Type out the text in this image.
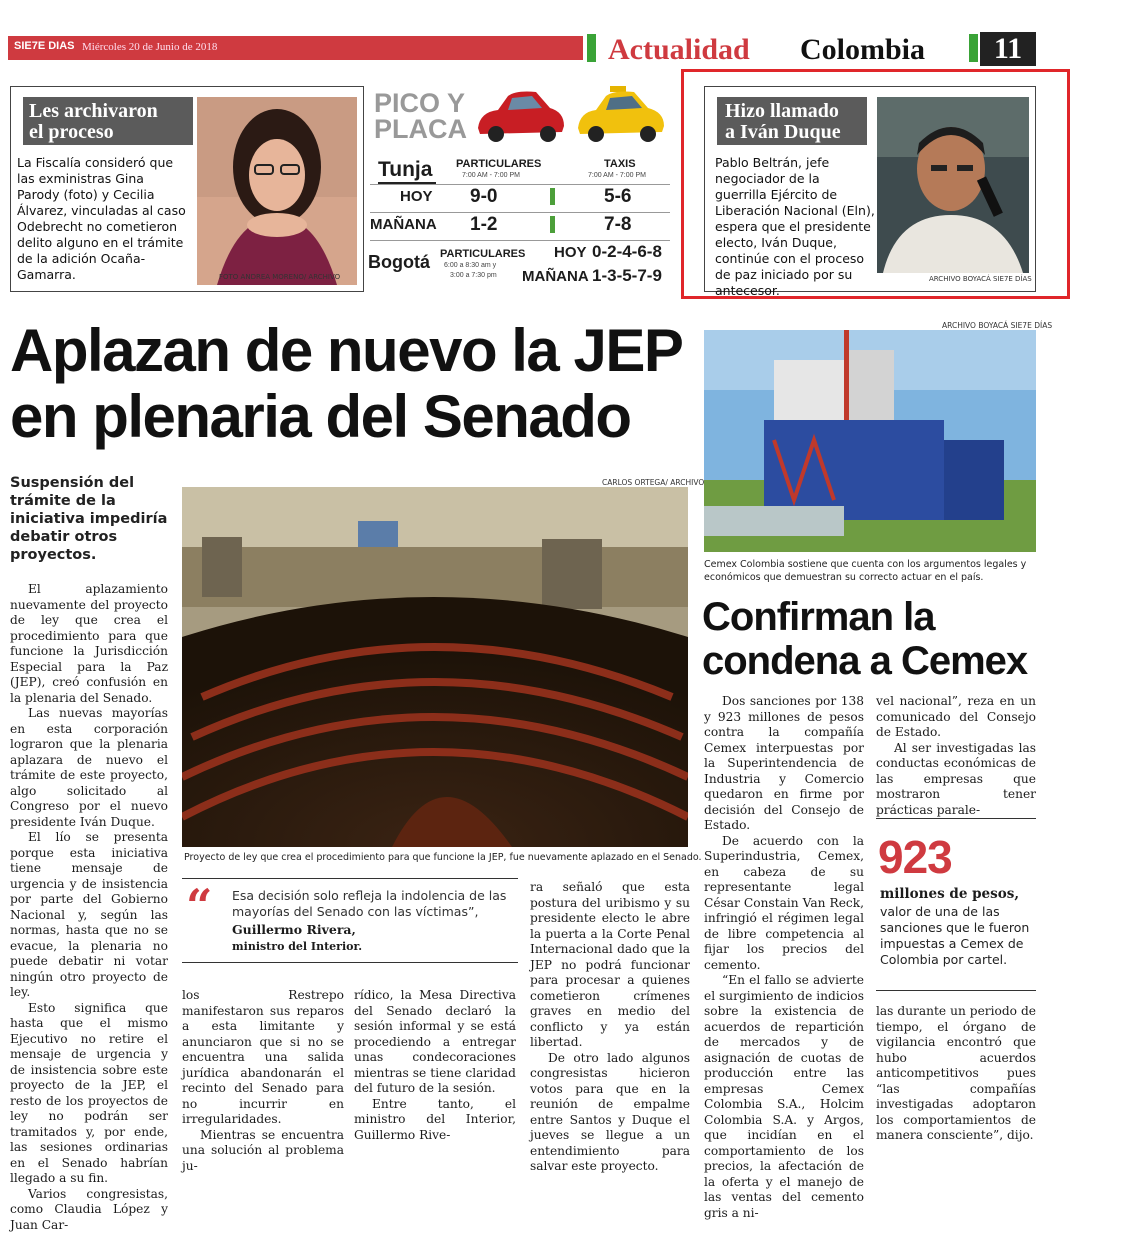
SIE7E DIAS Miércoles 20 de Junio de 2018	Actualidad Colombia	11
Les archivaron
el proceso
La Fiscalía consideró que las exministras Gina Parody (foto) y Cecilia Álvarez, vinculadas al caso Odebrecht no cometieron delito alguno en el trámite de la adición Ocaña-Gamarra.	FOTO ANDREA MORENO/ ARCHIVO
PICO Y
PLACA
Tunja	PARTICULARES
7:00 AM - 7:00 PM
TAXIS
7:00 AM - 7:00 PM
HOY 9-0	5-6
MAÑANA 1-2	7-8
Bogotá PARTICULARES
6:00 a 8:30 am y
3:00 a 7:30 pm
HOY 0-2-4-6-8
MAÑANA 1-3-5-7-9
Hizo llamado
a Iván Duque
Pablo Beltrán, jefe negociador de la guerrilla Ejército de Liberación Nacional (Eln), espera que el presidente electo, Iván Duque, continúe con el proceso de paz iniciado por su antecesor.
ARCHIVO BOYACÁ SIE7E DÍAS
Aplazan de nuevo la JEP
en plenaria del Senado
Suspensión del trámite de la iniciativa impediría debatir otros proyectos.
CARLOS ORTEGA/ ARCHIVO
Proyecto de ley que crea el procedimiento para que funcione la JEP, fue nuevamente aplazado en el Senado.

El aplazamiento nuevamente del proyecto de ley que crea el procedimiento para que funcione la Jurisdicción Especial para la Paz (JEP), creó confusión en la plenaria del Senado.

Las nuevas mayorías en esta corporación lograron que la plenaria aplazara de nuevo el trámite de este proyecto, algo solicitado al Congreso por el nuevo presidente Iván Duque.

El lío se presenta porque esta iniciativa tiene mensaje de urgencia y de insistencia por parte del Gobierno Nacional y, según las normas, hasta que no se evacue, la plenaria no puede debatir ni votar ningún otro proyecto de ley.

Esto significa que hasta que el mismo Ejecutivo no retire el mensaje de urgencia y de insistencia sobre este proyecto de la JEP, el resto de los proyectos de ley no podrán ser tramitados y, por ende, las sesiones ordinarias en el Senado habrían llegado a su fin.

Varios congresistas, como Claudia López y Juan Car-

“ Esa decisión solo refleja la indolencia de las mayorías del Senado con las víctimas”,
Guillermo Rivera,
ministro del Interior.

los Restrepo manifestaron sus reparos a esta limitante y anunciaron que si no se encuentra una salida jurídica abandonarán el recinto del Senado para no incurrir en irregularidades.

Mientras se encuentra una solución al problema ju-

rídico, la Mesa Directiva del Senado declaró la sesión informal y se está procediendo a entregar unas condecoraciones mientras se tiene claridad del futuro de la sesión.

Entre tanto, el ministro del Interior, Guillermo Rive-

ra señaló que esta postura del uribismo y su presidente electo le abre la puerta a la Corte Penal Internacional dado que la JEP no podrá funcionar para procesar a quienes cometieron crímenes graves en medio del conflicto y ya están libertad.

De otro lado algunos congresistas hicieron votos para que en la reunión de empalme entre Santos y Duque el jueves se llegue a un entendimiento para salvar este proyecto.

ARCHIVO BOYACÁ SIE7E DÍAS
Cemex Colombia sostiene que cuenta con los argumentos legales y económicos que demuestran su correcto actuar en el país.
Confirman la
condena a Cemex

Dos sanciones por 138 y 923 millones de pesos contra la compañía Cemex interpuestas por la Superintendencia de Industria y Comercio quedaron en firme por decisión del Consejo de Estado.

De acuerdo con la Superindustria, Cemex, en cabeza de su representante legal César Constain Van Reck, infringió el régimen legal de libre competencia al fijar los precios del cemento.

“En el fallo se advierte el surgimiento de indicios sobre la existencia de acuerdos de repartición de mercados y de asignación de cuotas de producción entre las empresas Cemex Colombia S.A., Holcim Colombia S.A. y Argos, que incidían en el comportamiento de los precios, la afectación de la oferta y el manejo de las ventas del cemento gris a ni-

vel nacional”, reza en un comunicado del Consejo de Estado.

Al ser investigadas las conductas económicas de las empresas que mostraron tener prácticas parale-

923
millones de pesos,
valor de una de las sanciones que le fueron impuestas a Cemex de Colombia por cartel.

las durante un periodo de tiempo, el órgano de vigilancia encontró que hubo acuerdos anticompetitivos pues “las compañías investigadas adoptaron los comportamientos de manera consciente”, dijo.
